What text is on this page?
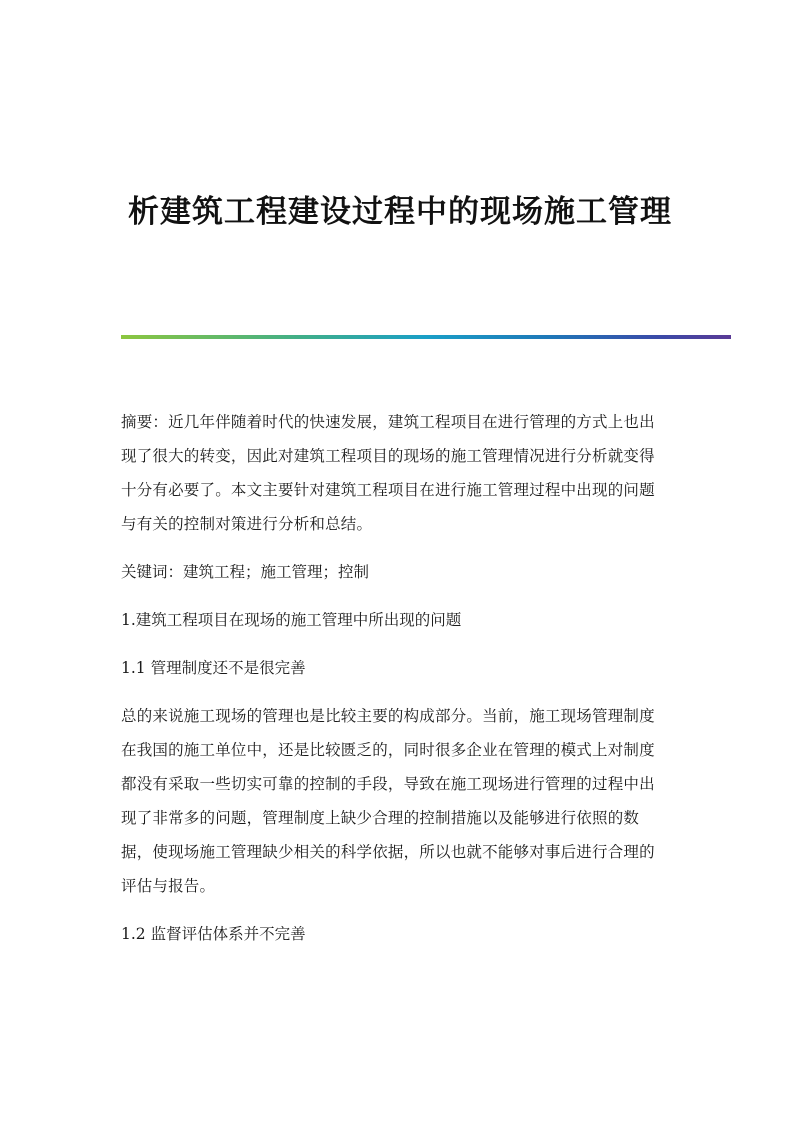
析建筑工程建设过程中的现场施工管理
摘要：近几年伴随着时代的快速发展，建筑工程项目在进行管理的方式上也出
现了很大的转变，因此对建筑工程项目的现场的施工管理情况进行分析就变得
十分有必要了。本文主要针对建筑工程项目在进行施工管理过程中出现的问题
与有关的控制对策进行分析和总结。
关键词：建筑工程；施工管理；控制
1.建筑工程项目在现场的施工管理中所出现的问题
1.1 管理制度还不是很完善
总的来说施工现场的管理也是比较主要的构成部分。当前，施工现场管理制度
在我国的施工单位中，还是比较匮乏的，同时很多企业在管理的模式上对制度
都没有采取一些切实可靠的控制的手段，导致在施工现场进行管理的过程中出
现了非常多的问题，管理制度上缺少合理的控制措施以及能够进行依照的数
据，使现场施工管理缺少相关的科学依据，所以也就不能够对事后进行合理的
评估与报告。
1.2 监督评估体系并不完善
